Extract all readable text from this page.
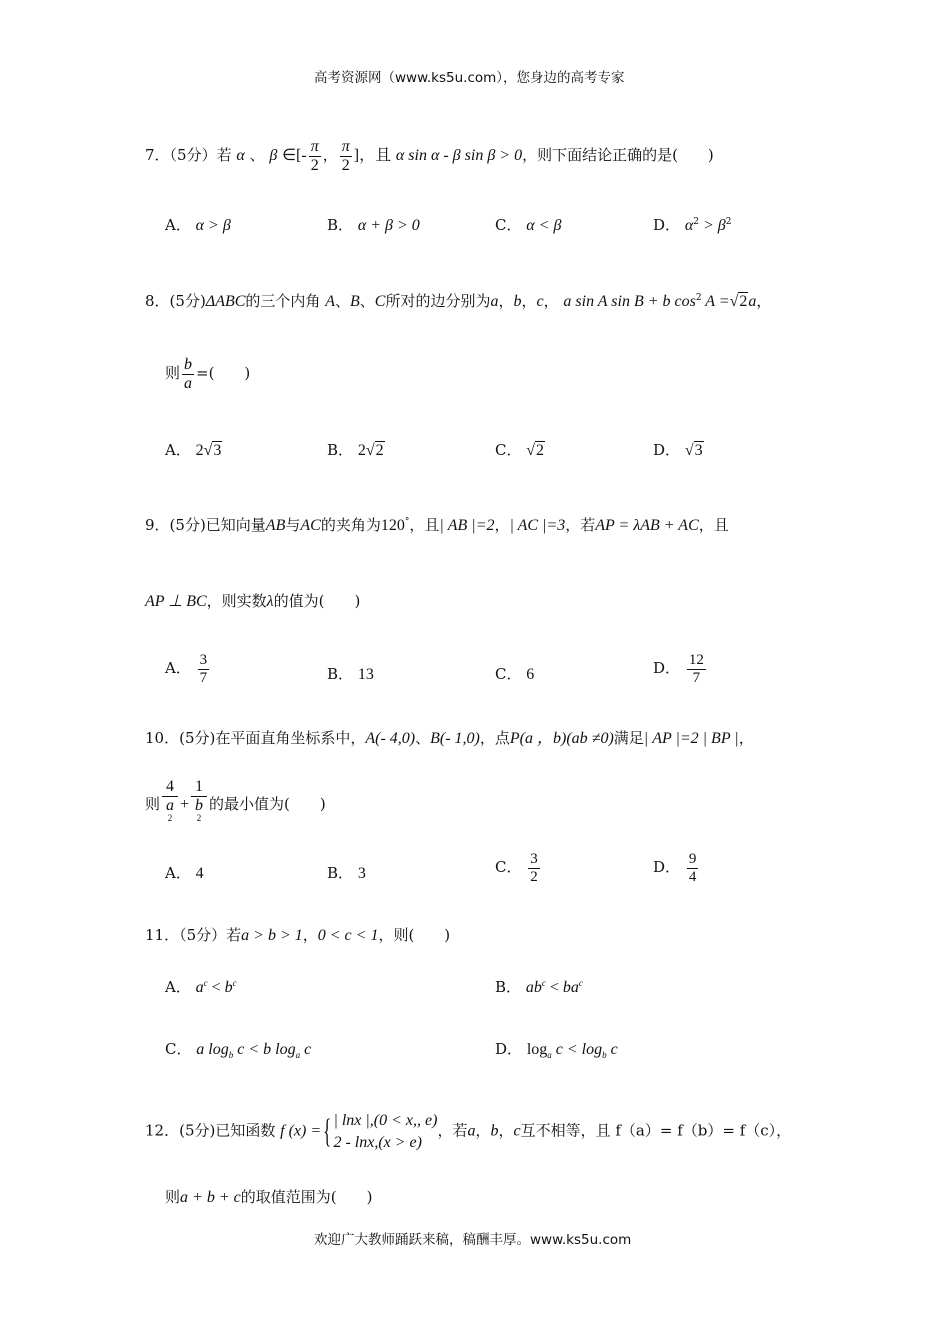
高考资源网（www.ks5u.com），您身边的高考专家
7．（5分）若 α 、 β ∈[- $\frac{\pi}{2}$ ， $\frac{\pi}{2}$ ]，且 α sin α - β sin β > 0，则下面结论正确的是(　　)
A． α > β	B． α + β > 0	C． α < β	D． $\alpha^2 > \beta^2$
8．(5分)ΔABC的三个内角 A、B、C所对的边分别为a，b，c， a sin A sin B + b $\cos^2 A =√2a$，
则 $\frac{b}{a}$ =(　　)
A． 2√3	B． 2√2	C． √2	D． √3
9．(5分)已知向量AB与AC的夹角为120°，且| AB |=2，| AC |=3，若AP = λAB + AC，且
AP ⊥ BC，则实数λ的值为(　　)
A． $\frac{3}{7}$	B． 13	C． 6	D． $\frac{12}{7}$
10．(5分)在平面直角坐标系中，A(- 4,0)、B(- 1,0)，点P(a ，b)(ab ≠0)满足| AP |=2 | BP |，
则 4
a
$^2$ + 1
b
$^2$ 的最小值为(　　)
A． 4	B． 3	C． $\frac{3}{2}$	D． $\frac{9}{4}$
11．（5分）若a > b > 1，0 < c < 1，则(　　)
A． $a^c < b^c$	B． $ab^c < ba^c$
C． a $\log_b c < b$ $\log_a c$	D． $\log_a c < \log_b c$
12．(5分)已知函数 f (x) ={ | lnx |,(0 < x,, e)
2 - lnx,(x > e)
，若a，b，c互不相等，且 f（a）= f（b）= f（c），
则a + b + c的取值范围为(　　)
欢迎广大教师踊跃来稿，稿酬丰厚。www.ks5u.com
